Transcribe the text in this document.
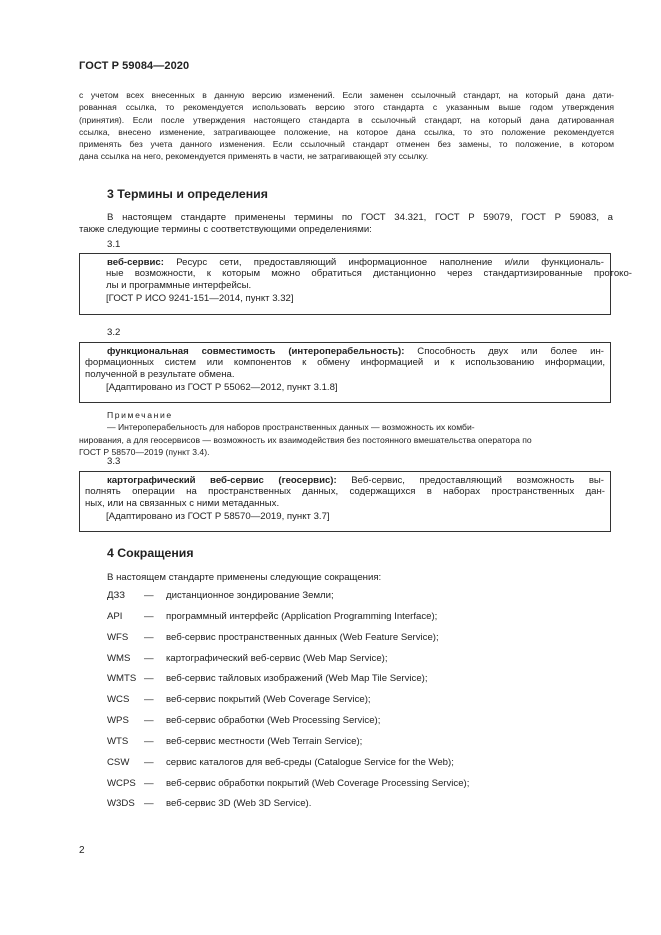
ГОСТ Р 59084—2020

с учетом всех внесенных в данную версию изменений. Если заменен ссылочный стандарт, на который дана дати-
рованная ссылка, то рекомендуется использовать версию этого стандарта с указанным выше годом утверждения
(принятия). Если после утверждения настоящего стандарта в ссылочный стандарт, на который дана датированная
ссылка, внесено изменение, затрагивающее положение, на которое дана ссылка, то это положение рекомендуется
применять без учета данного изменения. Если ссылочный стандарт отменен без замены, то положение, в котором
дана ссылка на него, рекомендуется применять в части, не затрагивающей эту ссылку.

3 Термины и определения

В настоящем стандарте применены термины по ГОСТ 34.321, ГОСТ Р 59079, ГОСТ Р 59083, а
также следующие термины с соответствующими определениями:

3.1
веб-сервис: Ресурс сети, предоставляющий информационное наполнение и/или функциональ-
ные возможности, к которым можно обратиться дистанционно через стандартизированные протоко-
лы и программные интерфейсы.
[ГОСТ Р ИСО 9241-151—2014, пункт 3.32]
3.2
функциональная совместимость (интероперабельность): Способность двух или более ин-
формационных систем или компонентов к обмену информацией и к использованию информации,
полученной в результате обмена.
[Адаптировано из ГОСТ Р 55062—2012, пункт 3.1.8]

Примечание
— Интероперабельность для наборов пространственных данных — возможность их комби-
нирования, а для геосервисов — возможность их взаимодействия без постоянного вмешательства оператора по
ГОСТ Р 58570—2019 (пункт 3.4).

3.3
картографический веб-сервис (геосервис): Веб-сервис, предоставляющий возможность вы-
полнять операции на пространственных данных, содержащихся в наборах пространственных дан-
ных, или на связанных с ними метаданных.
[Адаптировано из ГОСТ Р 58570—2019, пункт 3.7]
4 Сокращения

В настоящем стандарте применены следующие сокращения:

ДЗЗ — дистанционное зондирование Земли;
API — программный интерфейс (Application Programming Interface);
WFS — веб-сервис пространственных данных (Web Feature Service);
WMS — картографический веб-сервис (Web Map Service);
WMTS — веб-сервис тайловых изображений (Web Map Tile Service);
WCS — веб-сервис покрытий (Web Coverage Service);
WPS — веб-сервис обработки (Web Processing Service);
WTS — веб-сервис местности (Web Terrain Service);
CSW — сервис каталогов для веб-среды (Catalogue Service for the Web);
WCPS — веб-сервис обработки покрытий (Web Coverage Processing Service);
W3DS — веб-сервис 3D (Web 3D Service).
2
